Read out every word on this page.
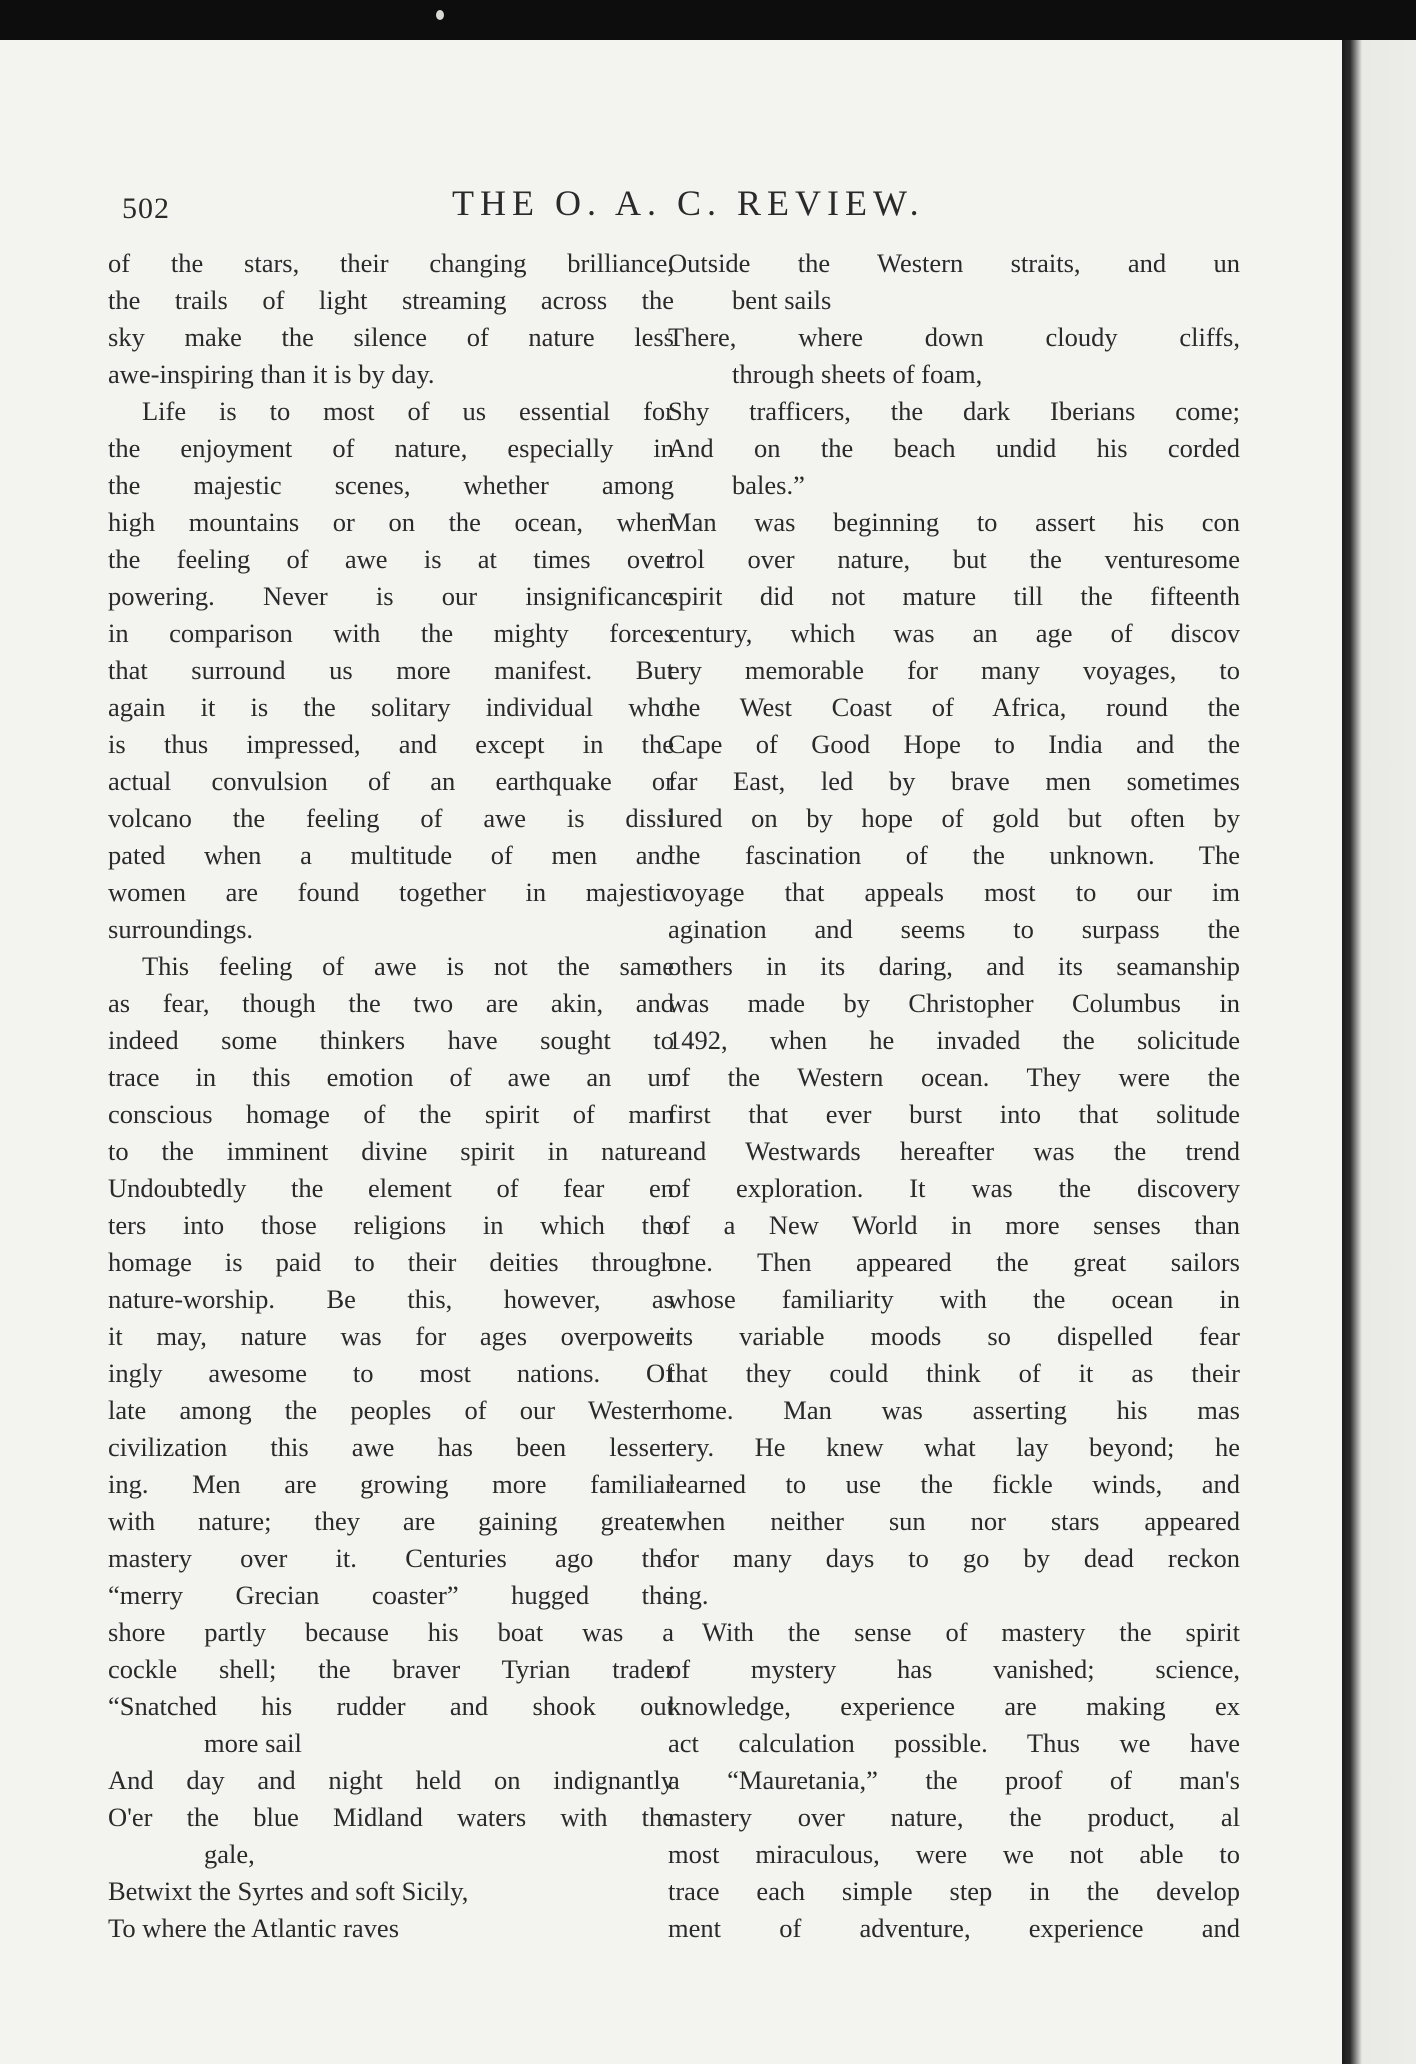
502	THE O. A. C. REVIEW.
of the stars, their changing brilliance,
the trails of light streaming across the
sky make the silence of nature less
awe-inspiring than it is by day.
Life is to most of us essential for
the enjoyment of nature, especially in
the majestic scenes, whether among
high mountains or on the ocean, when
the feeling of awe is at times over
powering. Never is our insignificance
in comparison with the mighty forces
that surround us more manifest. But
again it is the solitary individual who
is thus impressed, and except in the
actual convulsion of an earthquake or
volcano the feeling of awe is dissi
pated when a multitude of men and
women are found together in majestic
surroundings.
This feeling of awe is not the same
as fear, though the two are akin, and
indeed some thinkers have sought to
trace in this emotion of awe an un
conscious homage of the spirit of man
to the imminent divine spirit in nature.
Undoubtedly the element of fear en
ters into those religions in which the
homage is paid to their deities through
nature-worship. Be this, however, as
it may, nature was for ages overpower
ingly awesome to most nations. Of
late among the peoples of our Western
civilization this awe has been lessen
ing. Men are growing more familiar
with nature; they are gaining greater
mastery over it. Centuries ago the
“merry Grecian coaster” hugged the
shore partly because his boat was a
cockle shell; the braver Tyrian trader
“Snatched his rudder and shook out
more sail
And day and night held on indignantly
O'er the blue Midland waters with the
gale,
Betwixt the Syrtes and soft Sicily,
To where the Atlantic raves
Outside the Western straits, and un
bent sails
There, where down cloudy cliffs,
through sheets of foam,
Shy trafficers, the dark Iberians come;
And on the beach undid his corded
bales.”
Man was beginning to assert his con
trol over nature, but the venturesome
spirit did not mature till the fifteenth
century, which was an age of discov
ery memorable for many voyages, to
the West Coast of Africa, round the
Cape of Good Hope to India and the
far East, led by brave men sometimes
lured on by hope of gold but often by
the fascination of the unknown. The
voyage that appeals most to our im
agination and seems to surpass the
others in its daring, and its seamanship
was made by Christopher Columbus in
1492, when he invaded the solicitude
of the Western ocean. They were the
first that ever burst into that solitude
and Westwards hereafter was the trend
of exploration. It was the discovery
of a New World in more senses than
one. Then appeared the great sailors
whose familiarity with the ocean in
its variable moods so dispelled fear
that they could think of it as their
home. Man was asserting his mas
tery. He knew what lay beyond; he
learned to use the fickle winds, and
when neither sun nor stars appeared
for many days to go by dead reckon
ing.
With the sense of mastery the spirit
of mystery has vanished; science,
knowledge, experience are making ex
act calculation possible. Thus we have
a “Mauretania,” the proof of man's
mastery over nature, the product, al
most miraculous, were we not able to
trace each simple step in the develop
ment of adventure, experience and
